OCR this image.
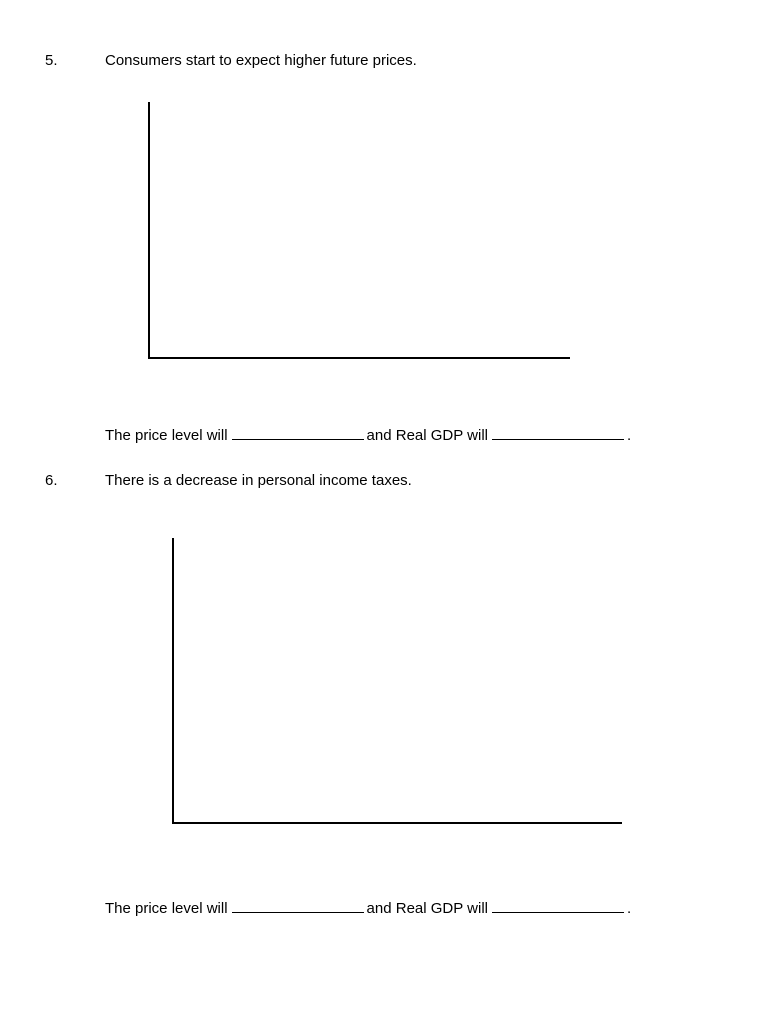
5.	Consumers start to expect higher future prices.
The price level will	and Real GDP will	.
6.	There is a decrease in personal income taxes.
The price level will	and Real GDP will	.
